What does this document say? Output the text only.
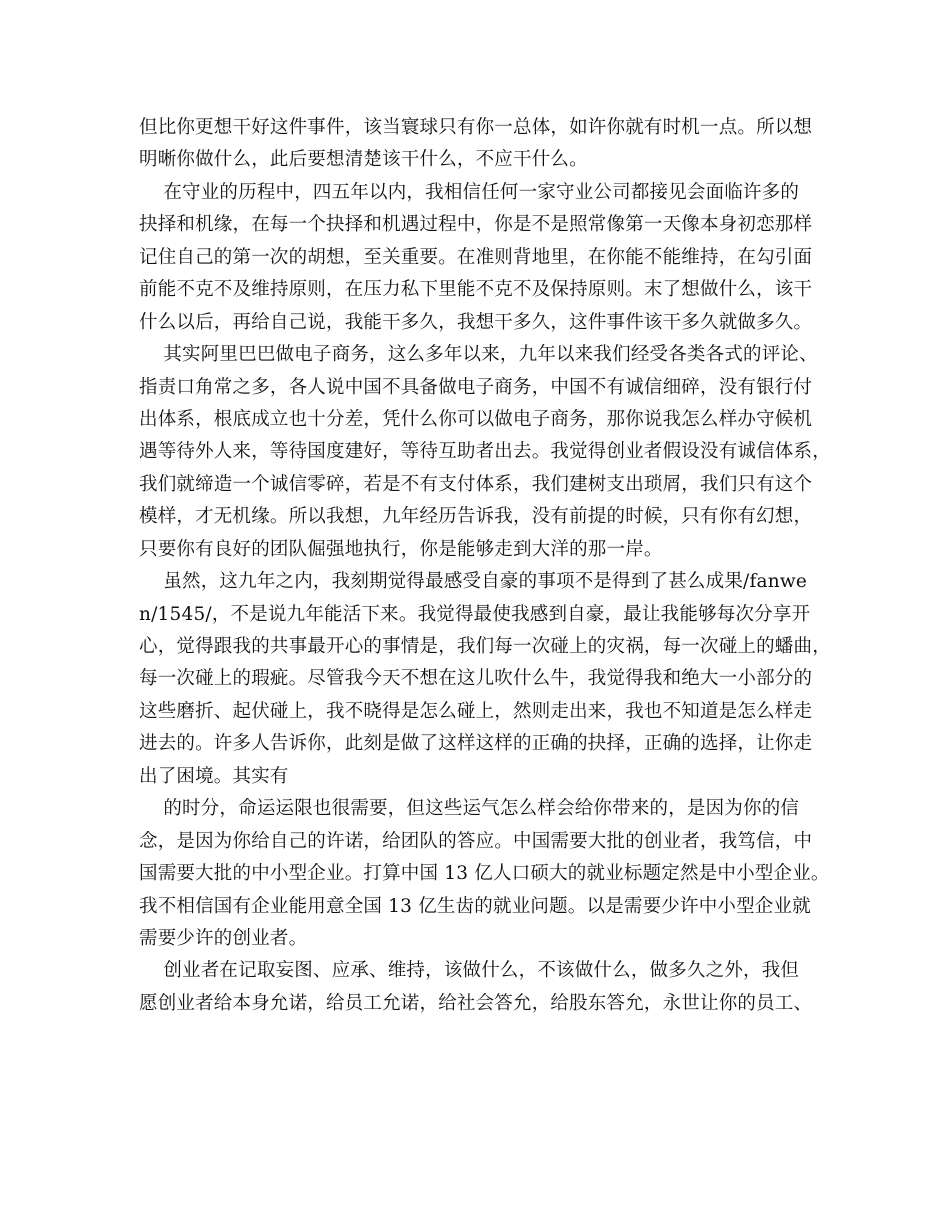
但比你更想干好这件事件，该当寰球只有你一总体，如许你就有时机一点。所以想
明晰你做什么，此后要想清楚该干什么，不应干什么。
在守业的历程中，四五年以内，我相信任何一家守业公司都接见会面临许多的
抉择和机缘，在每一个抉择和机遇过程中，你是不是照常像第一天像本身初恋那样
记住自己的第一次的胡想，至关重要。在准则背地里，在你能不能维持，在勾引面
前能不克不及维持原则，在压力私下里能不克不及保持原则。末了想做什么，该干
什么以后，再给自己说，我能干多久，我想干多久，这件事件该干多久就做多久。
其实阿里巴巴做电子商务，这么多年以来，九年以来我们经受各类各式的评论、
指责口角常之多，各人说中国不具备做电子商务，中国不有诚信细碎，没有银行付
出体系，根底成立也十分差，凭什么你可以做电子商务，那你说我怎么样办守候机
遇等待外人来，等待国度建好，等待互助者出去。我觉得创业者假设没有诚信体系，
我们就缔造一个诚信零碎，若是不有支付体系，我们建树支出琐屑，我们只有这个
模样，才无机缘。所以我想，九年经历告诉我，没有前提的时候，只有你有幻想，
只要你有良好的团队倔强地执行，你是能够走到大洋的那一岸。
虽然，这九年之内，我刻期觉得最感受自豪的事项不是得到了甚么成果/fanwe
n/1545/，不是说九年能活下来。我觉得最使我感到自豪，最让我能够每次分享开
心，觉得跟我的共事最开心的事情是，我们每一次碰上的灾祸，每一次碰上的蟠曲，
每一次碰上的瑕疵。尽管我今天不想在这儿吹什么牛，我觉得我和绝大一小部分的
这些磨折、起伏碰上，我不晓得是怎么碰上，然则走出来，我也不知道是怎么样走
进去的。许多人告诉你，此刻是做了这样这样的正确的抉择，正确的选择，让你走
出了困境。其实有
的时分，命运运限也很需要，但这些运气怎么样会给你带来的，是因为你的信
念，是因为你给自己的许诺，给团队的答应。中国需要大批的创业者，我笃信，中
国需要大批的中小型企业。打算中国 13 亿人口硕大的就业标题定然是中小型企业。
我不相信国有企业能用意全国 13 亿生齿的就业问题。以是需要少许中小型企业就
需要少许的创业者。
创业者在记取妄图、应承、维持，该做什么，不该做什么，做多久之外，我但
愿创业者给本身允诺，给员工允诺，给社会答允，给股东答允，永世让你的员工、
